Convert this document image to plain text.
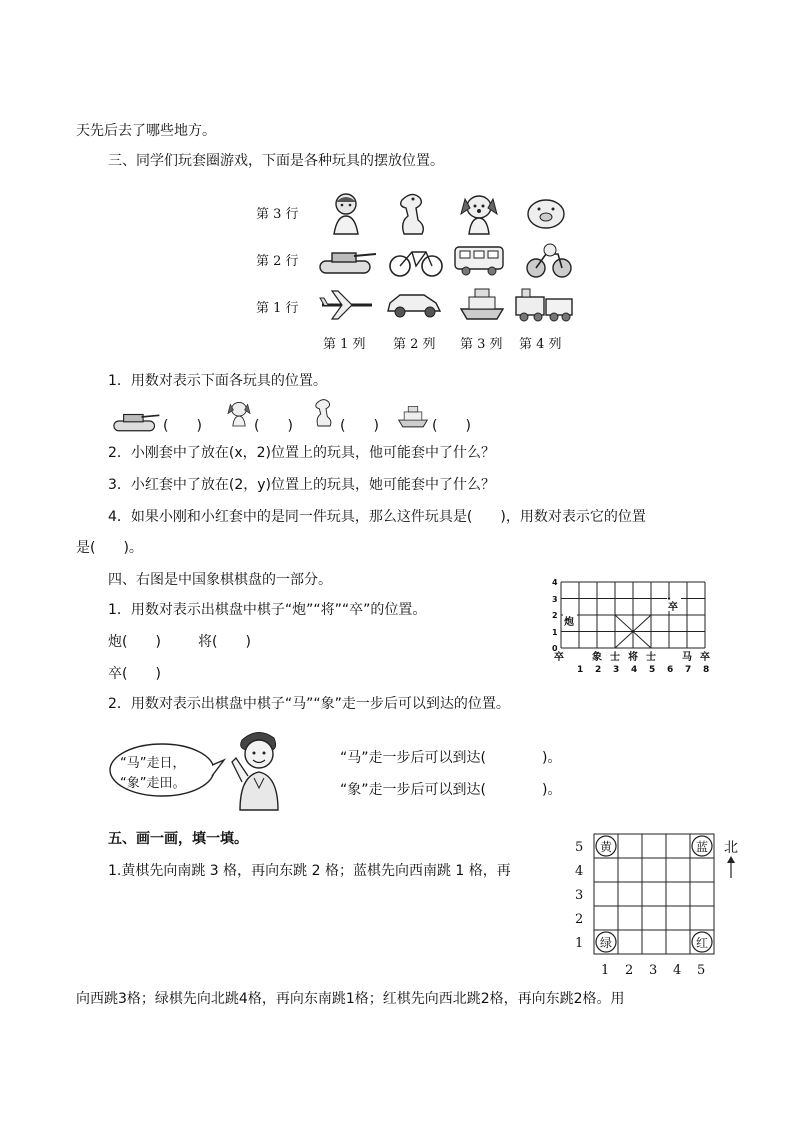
天先后去了哪些地方。
三、同学们玩套圈游戏，下面是各种玩具的摆放位置。
第 3 行
第 2 行
第 1 行
第 1 列 第 2 列 第 3 列 第 4 列
1．用数对表示下面各玩具的位置。
(　　)	(　　)	(　　)	(　　)
2．小刚套中了放在(x，2)位置上的玩具，他可能套中了什么？
3．小红套中了放在(2，y)位置上的玩具，她可能套中了什么？
4．如果小刚和小红套中的是同一件玩具，那么这件玩具是(　　)，用数对表示它的位置
是(　　)。
四、右图是中国象棋棋盘的一部分。
1．用数对表示出棋盘中棋子“炮”“将”“卒”的位置。
炮(　　)	将(　　)
卒(　　)
0
1
2
3
4
炮
卒
卒	象 士 将 士	马 卒
1 2 3 4 5 6 7 8
2．用数对表示出棋盘中棋子“马”“象”走一步后可以到达的位置。
“马”走日，
“象”走田。
“马”走一步后可以到达(　　　　)。
“象”走一步后可以到达(　　　　)。
五、画一画，填一填。
1.黄棋先向南跳 3 格，再向东跳 2 格；蓝棋先向西南跳 1 格，再
向西跳3格；绿棋先向北跳4格，再向东南跳1格；红棋先向西北跳2格，再向东跳2格。用
5
4
3
2
1
1 2 3 4 5
黄	蓝
绿	红
北
